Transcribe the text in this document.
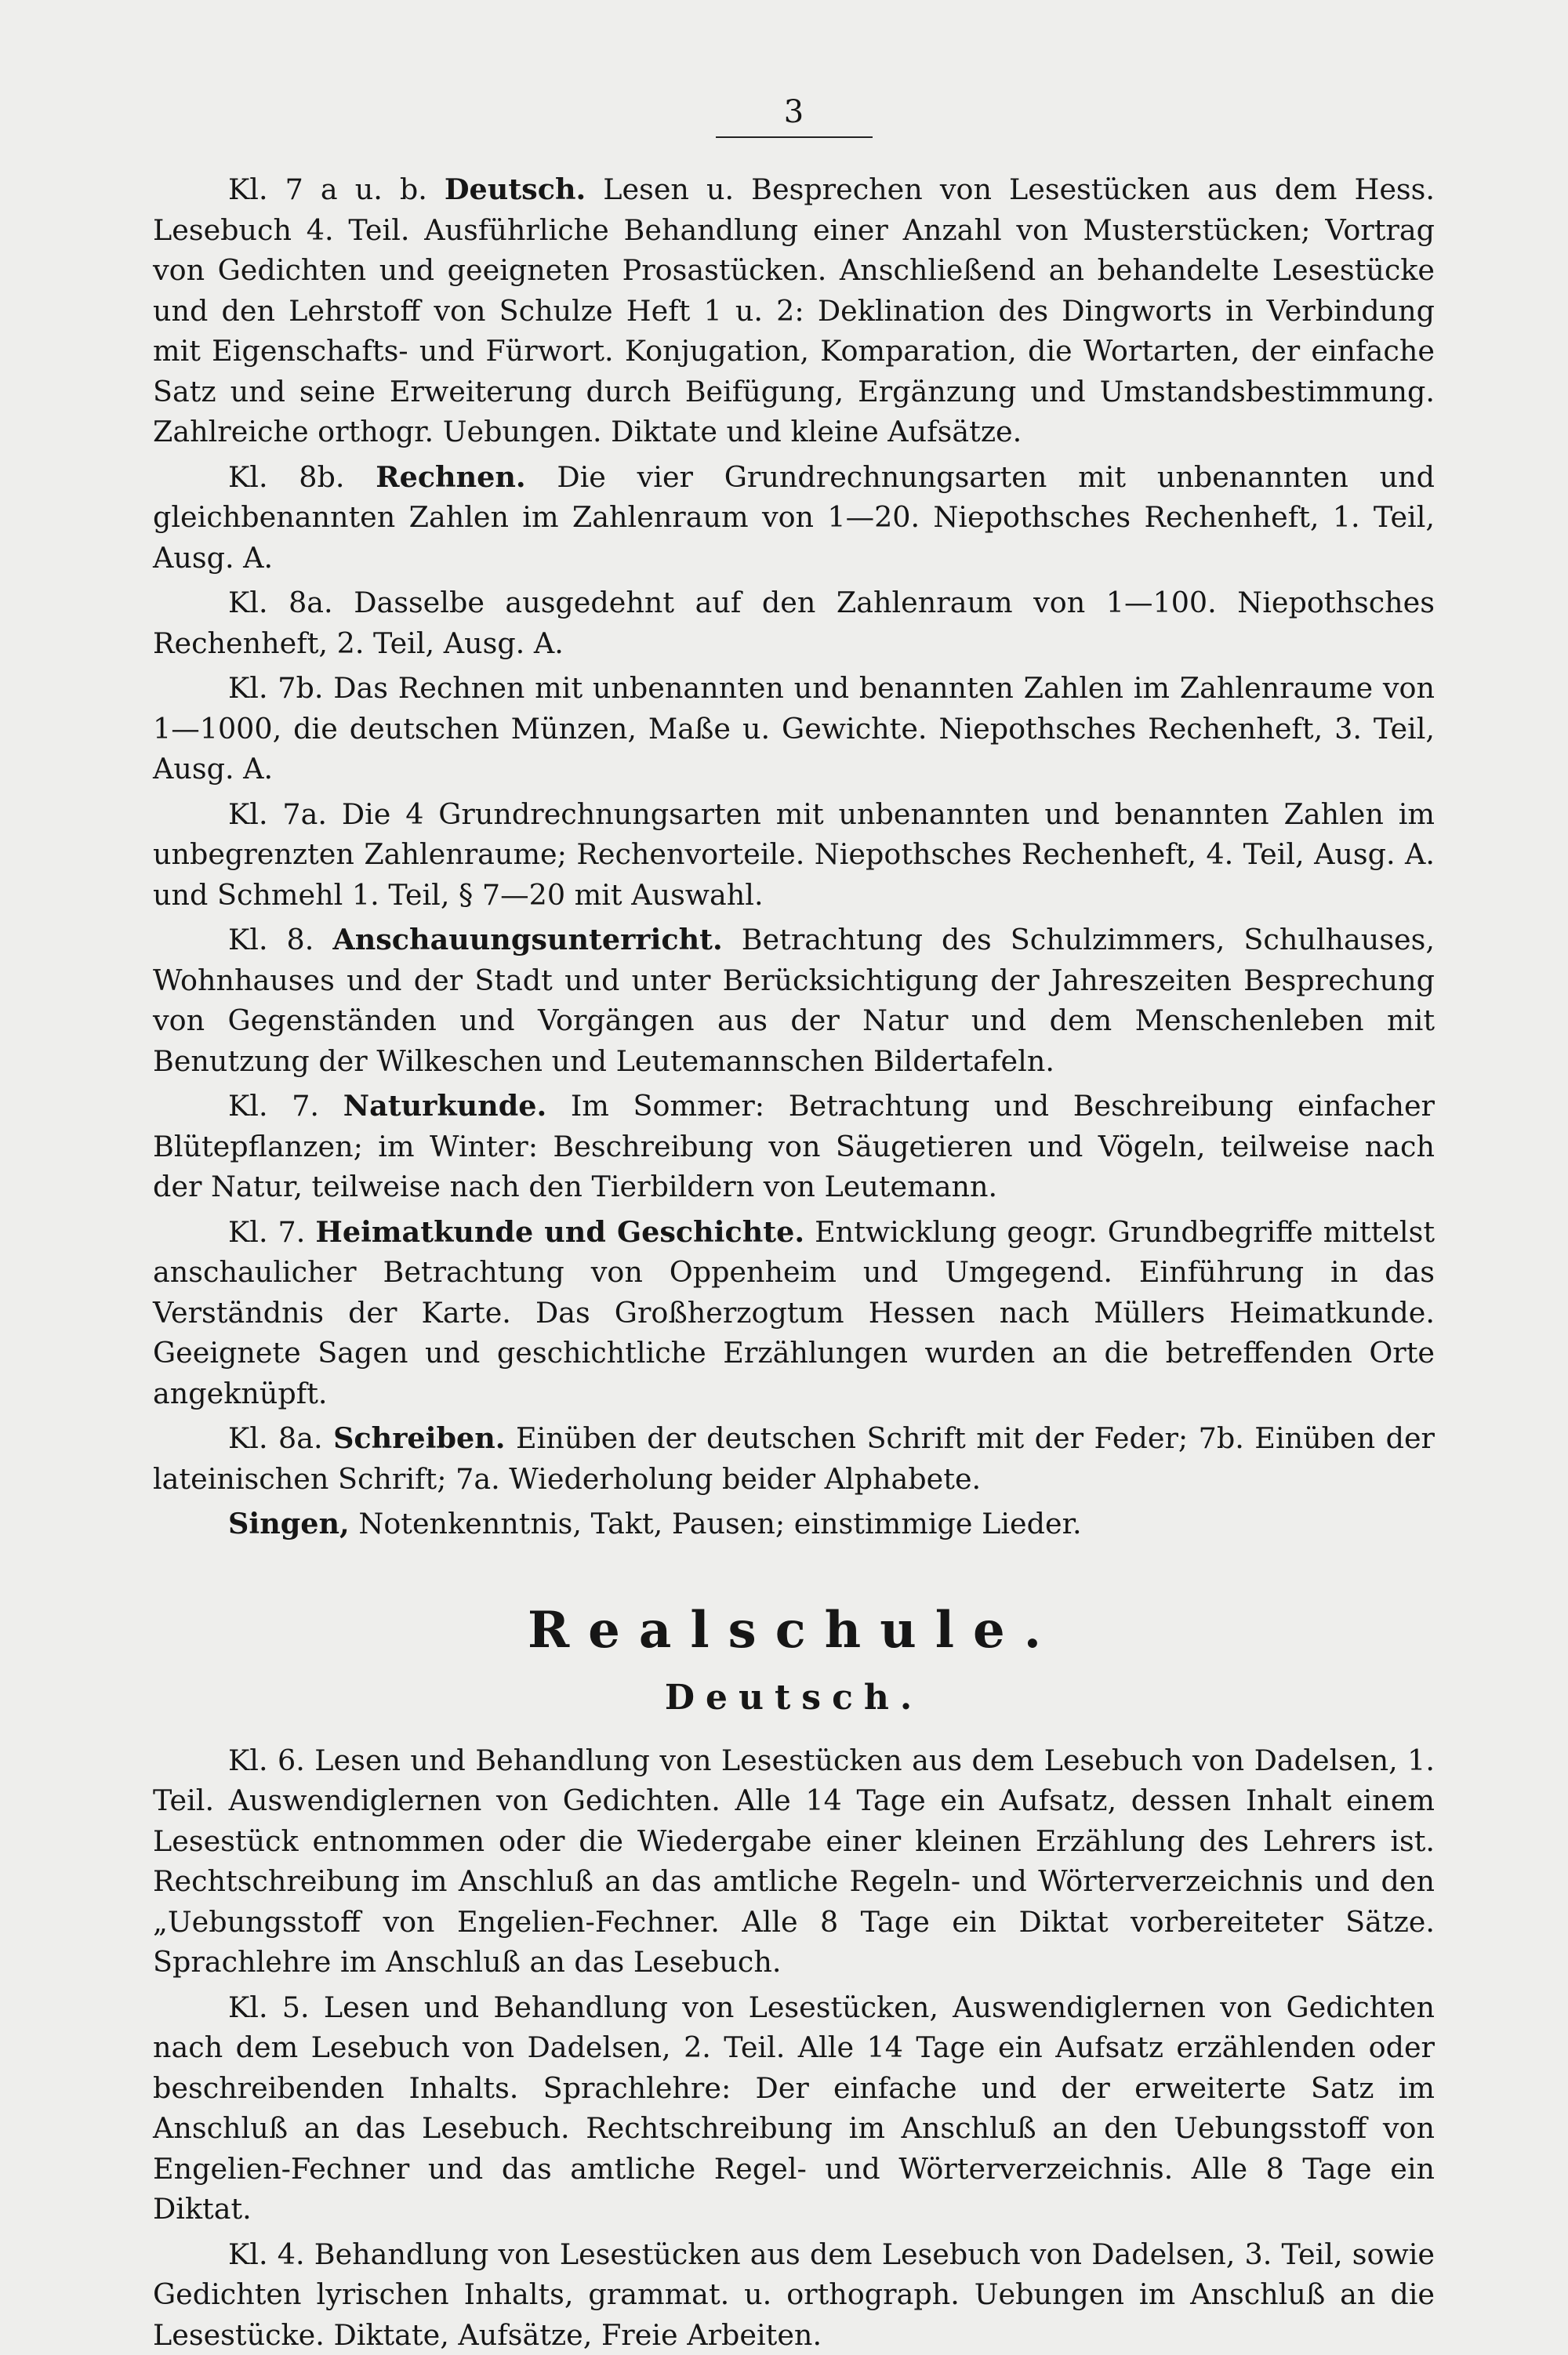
3

Kl. 7 a u. b. Deutsch. Lesen u. Besprechen von Lesestücken aus dem Hess. Lesebuch 4. Teil. Ausführliche Behandlung einer Anzahl von Musterstücken; Vortrag von Gedichten und geeigneten Prosastücken. Anschließend an behandelte Lesestücke und den Lehrstoff von Schulze Heft 1 u. 2: Deklination des Dingworts in Verbindung mit Eigenschafts- und Fürwort. Konjugation, Komparation, die Wortarten, der einfache Satz und seine Erweiterung durch Beifügung, Ergänzung und Umstandsbestimmung. Zahlreiche orthogr. Uebungen. Diktate und kleine Aufsätze.

Kl. 8b. Rechnen. Die vier Grundrechnungsarten mit unbenannten und gleichbenannten Zahlen im Zahlenraum von 1—20. Niepothsches Rechenheft, 1. Teil, Ausg. A.

Kl. 8a. Dasselbe ausgedehnt auf den Zahlenraum von 1—100. Niepothsches Rechenheft, 2. Teil, Ausg. A.

Kl. 7b. Das Rechnen mit unbenannten und benannten Zahlen im Zahlenraume von 1—1000, die deutschen Münzen, Maße u. Gewichte. Niepothsches Rechenheft, 3. Teil, Ausg. A.

Kl. 7a. Die 4 Grundrechnungsarten mit unbenannten und benannten Zahlen im unbegrenzten Zahlenraume; Rechenvorteile. Niepothsches Rechenheft, 4. Teil, Ausg. A. und Schmehl 1. Teil, § 7—20 mit Auswahl.

Kl. 8. Anschauungsunterricht. Betrachtung des Schulzimmers, Schulhauses, Wohnhauses und der Stadt und unter Berücksichtigung der Jahreszeiten Besprechung von Gegenständen und Vorgängen aus der Natur und dem Menschenleben mit Benutzung der Wilkeschen und Leutemannschen Bildertafeln.

Kl. 7. Naturkunde. Im Sommer: Betrachtung und Beschreibung einfacher Blütepflanzen; im Winter: Beschreibung von Säugetieren und Vögeln, teilweise nach der Natur, teilweise nach den Tierbildern von Leutemann.

Kl. 7. Heimatkunde und Geschichte. Entwicklung geogr. Grundbegriffe mittelst anschaulicher Betrachtung von Oppenheim und Umgegend. Einführung in das Verständnis der Karte. Das Großherzogtum Hessen nach Müllers Heimatkunde. Geeignete Sagen und geschichtliche Erzählungen wurden an die betreffenden Orte angeknüpft.

Kl. 8a. Schreiben. Einüben der deutschen Schrift mit der Feder; 7b. Einüben der lateinischen Schrift; 7a. Wiederholung beider Alphabete.

Singen, Notenkenntnis, Takt, Pausen; einstimmige Lieder.

Realschule.
Deutsch.

Kl. 6. Lesen und Behandlung von Lesestücken aus dem Lesebuch von Dadelsen, 1. Teil. Auswendiglernen von Gedichten. Alle 14 Tage ein Aufsatz, dessen Inhalt einem Lesestück entnommen oder die Wiedergabe einer kleinen Erzählung des Lehrers ist. Rechtschreibung im Anschluß an das amtliche Regeln- und Wörterverzeichnis und den „Uebungsstoff von Engelien-Fechner. Alle 8 Tage ein Diktat vorbereiteter Sätze. Sprachlehre im Anschluß an das Lesebuch.

Kl. 5. Lesen und Behandlung von Lesestücken, Auswendiglernen von Gedichten nach dem Lesebuch von Dadelsen, 2. Teil. Alle 14 Tage ein Aufsatz erzählenden oder beschreibenden Inhalts. Sprachlehre: Der einfache und der erweiterte Satz im Anschluß an das Lesebuch. Rechtschreibung im Anschluß an den Uebungsstoff von Engelien-Fechner und das amtliche Regel- und Wörterverzeichnis. Alle 8 Tage ein Diktat.

Kl. 4. Behandlung von Lesestücken aus dem Lesebuch von Dadelsen, 3. Teil, sowie Gedichten lyrischen Inhalts, grammat. u. orthograph. Uebungen im Anschluß an die Lesestücke. Diktate, Aufsätze, Freie Arbeiten.
